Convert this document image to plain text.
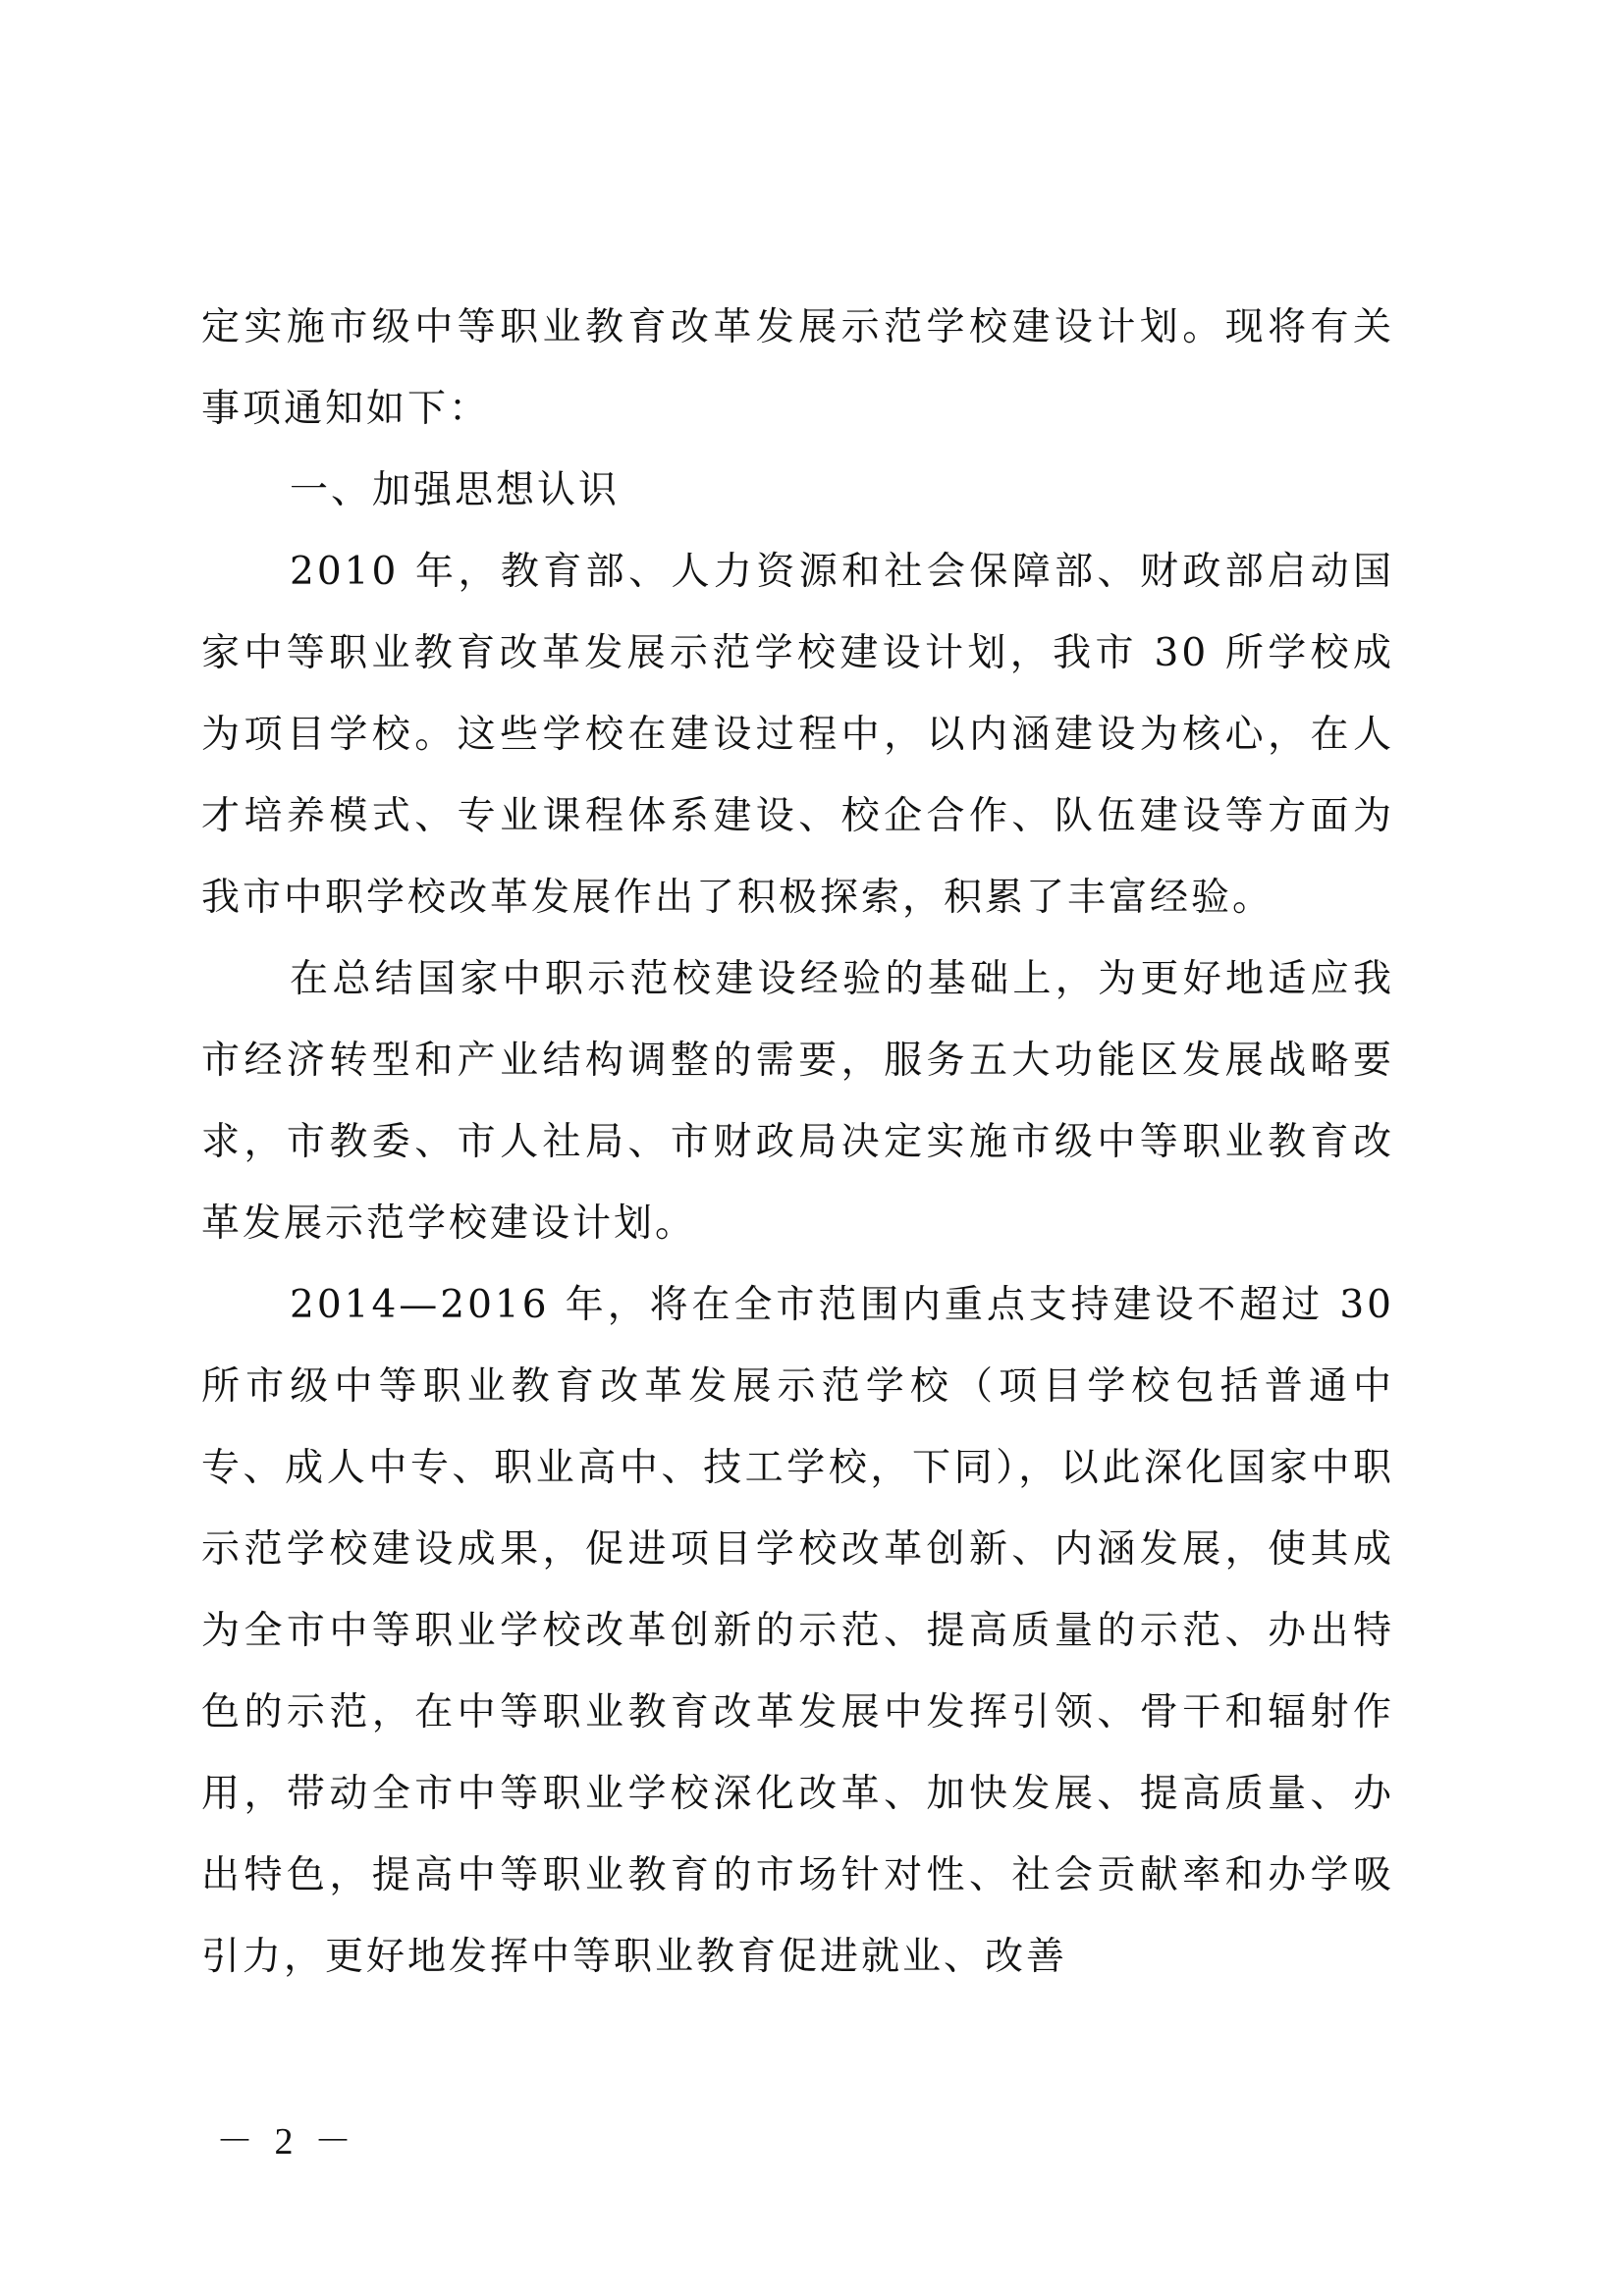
定实施市级中等职业教育改革发展示范学校建设计划。现将有关事项通知如下：

一、加强思想认识

2010 年，教育部、人力资源和社会保障部、财政部启动国家中等职业教育改革发展示范学校建设计划，我市 30 所学校成为项目学校。这些学校在建设过程中，以内涵建设为核心，在人才培养模式、专业课程体系建设、校企合作、队伍建设等方面为我市中职学校改革发展作出了积极探索，积累了丰富经验。

在总结国家中职示范校建设经验的基础上，为更好地适应我市经济转型和产业结构调整的需要，服务五大功能区发展战略要求，市教委、市人社局、市财政局决定实施市级中等职业教育改革发展示范学校建设计划。

2014—2016 年，将在全市范围内重点支持建设不超过 30 所市级中等职业教育改革发展示范学校（项目学校包括普通中专、成人中专、职业高中、技工学校，下同），以此深化国家中职示范学校建设成果，促进项目学校改革创新、内涵发展，使其成为全市中等职业学校改革创新的示范、提高质量的示范、办出特色的示范，在中等职业教育改革发展中发挥引领、骨干和辐射作用，带动全市中等职业学校深化改革、加快发展、提高质量、办出特色，提高中等职业教育的市场针对性、社会贡献率和办学吸引力，更好地发挥中等职业教育促进就业、改善

－ 2 －
